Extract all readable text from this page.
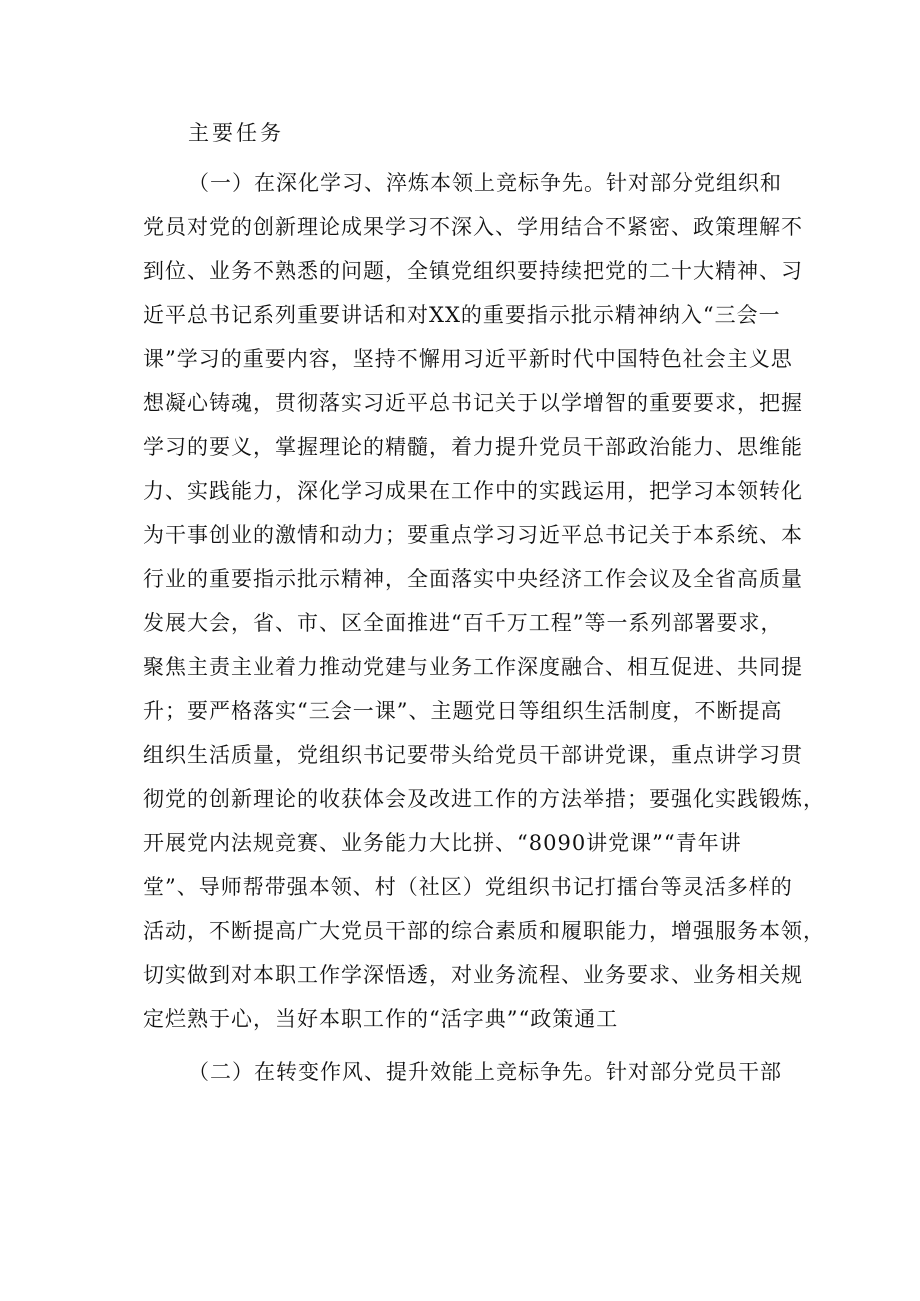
主要任务
（一）在深化学习、淬炼本领上竞标争先。针对部分党组织和
党员对党的创新理论成果学习不深入、学用结合不紧密、政策理解不
到位、业务不熟悉的问题，全镇党组织要持续把党的二十大精神、习
近平总书记系列重要讲话和对XX的重要指示批示精神纳入“三会一
课”学习的重要内容，坚持不懈用习近平新时代中国特色社会主义思
想凝心铸魂，贯彻落实习近平总书记关于以学增智的重要要求，把握
学习的要义，掌握理论的精髓，着力提升党员干部政治能力、思维能
力、实践能力，深化学习成果在工作中的实践运用，把学习本领转化
为干事创业的激情和动力；要重点学习习近平总书记关于本系统、本
行业的重要指示批示精神，全面落实中央经济工作会议及全省高质量
发展大会，省、市、区全面推进“百千万工程”等一系列部署要求，
聚焦主责主业着力推动党建与业务工作深度融合、相互促进、共同提
升；要严格落实“三会一课”、主题党日等组织生活制度，不断提高
组织生活质量，党组织书记要带头给党员干部讲党课，重点讲学习贯
彻党的创新理论的收获体会及改进工作的方法举措；要强化实践锻炼，
开展党内法规竞赛、业务能力大比拼、“8090讲党课”“青年讲
堂”、导师帮带强本领、村（社区）党组织书记打擂台等灵活多样的
活动，不断提高广大党员干部的综合素质和履职能力，增强服务本领，
切实做到对本职工作学深悟透，对业务流程、业务要求、业务相关规
定烂熟于心，当好本职工作的“活字典”“政策通工
（二）在转变作风、提升效能上竞标争先。针对部分党员干部
